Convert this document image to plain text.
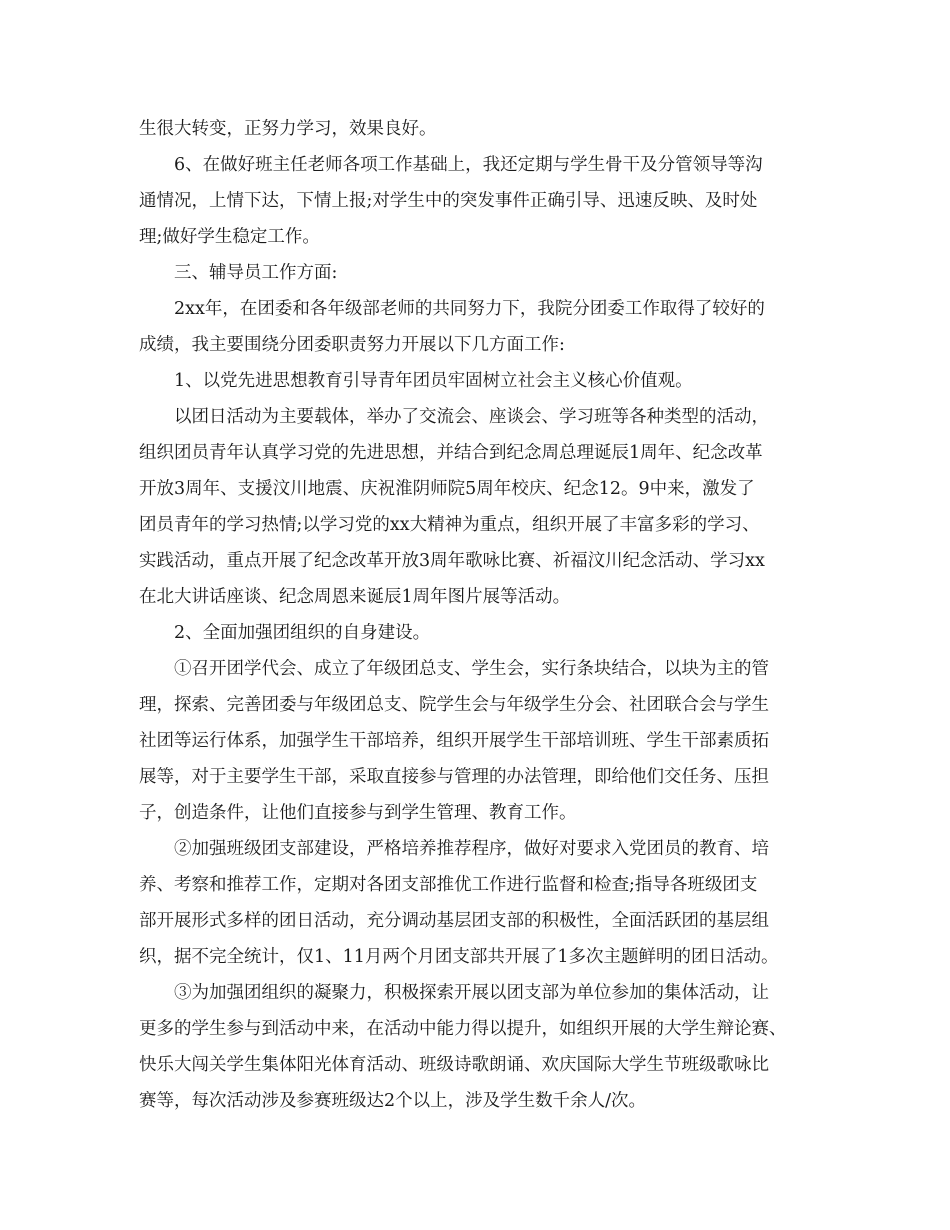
生很大转变，正努力学习，效果良好。
6、在做好班主任老师各项工作基础上，我还定期与学生骨干及分管领导等沟
通情况，上情下达，下情上报;对学生中的突发事件正确引导、迅速反映、及时处
理;做好学生稳定工作。
三、辅导员工作方面:
2xx年，在团委和各年级部老师的共同努力下，我院分团委工作取得了较好的
成绩，我主要围绕分团委职责努力开展以下几方面工作:
1、以党先进思想教育引导青年团员牢固树立社会主义核心价值观。
以团日活动为主要载体，举办了交流会、座谈会、学习班等各种类型的活动，
组织团员青年认真学习党的先进思想，并结合到纪念周总理诞辰1周年、纪念改革
开放3周年、支援汶川地震、庆祝淮阴师院5周年校庆、纪念12。9中来，激发了
团员青年的学习热情;以学习党的xx大精神为重点，组织开展了丰富多彩的学习、
实践活动，重点开展了纪念改革开放3周年歌咏比赛、祈福汶川纪念活动、学习xx
在北大讲话座谈、纪念周恩来诞辰1周年图片展等活动。
2、全面加强团组织的自身建设。
①召开团学代会、成立了年级团总支、学生会，实行条块结合，以块为主的管
理，探索、完善团委与年级团总支、院学生会与年级学生分会、社团联合会与学生
社团等运行体系，加强学生干部培养，组织开展学生干部培训班、学生干部素质拓
展等，对于主要学生干部，采取直接参与管理的办法管理，即给他们交任务、压担
子，创造条件，让他们直接参与到学生管理、教育工作。
②加强班级团支部建设，严格培养推荐程序，做好对要求入党团员的教育、培
养、考察和推荐工作，定期对各团支部推优工作进行监督和检查;指导各班级团支
部开展形式多样的团日活动，充分调动基层团支部的积极性，全面活跃团的基层组
织，据不完全统计，仅1、11月两个月团支部共开展了1多次主题鲜明的团日活动。
③为加强团组织的凝聚力，积极探索开展以团支部为单位参加的集体活动，让
更多的学生参与到活动中来，在活动中能力得以提升，如组织开展的大学生辩论赛、
快乐大闯关学生集体阳光体育活动、班级诗歌朗诵、欢庆国际大学生节班级歌咏比
赛等，每次活动涉及参赛班级达2个以上，涉及学生数千余人/次。
